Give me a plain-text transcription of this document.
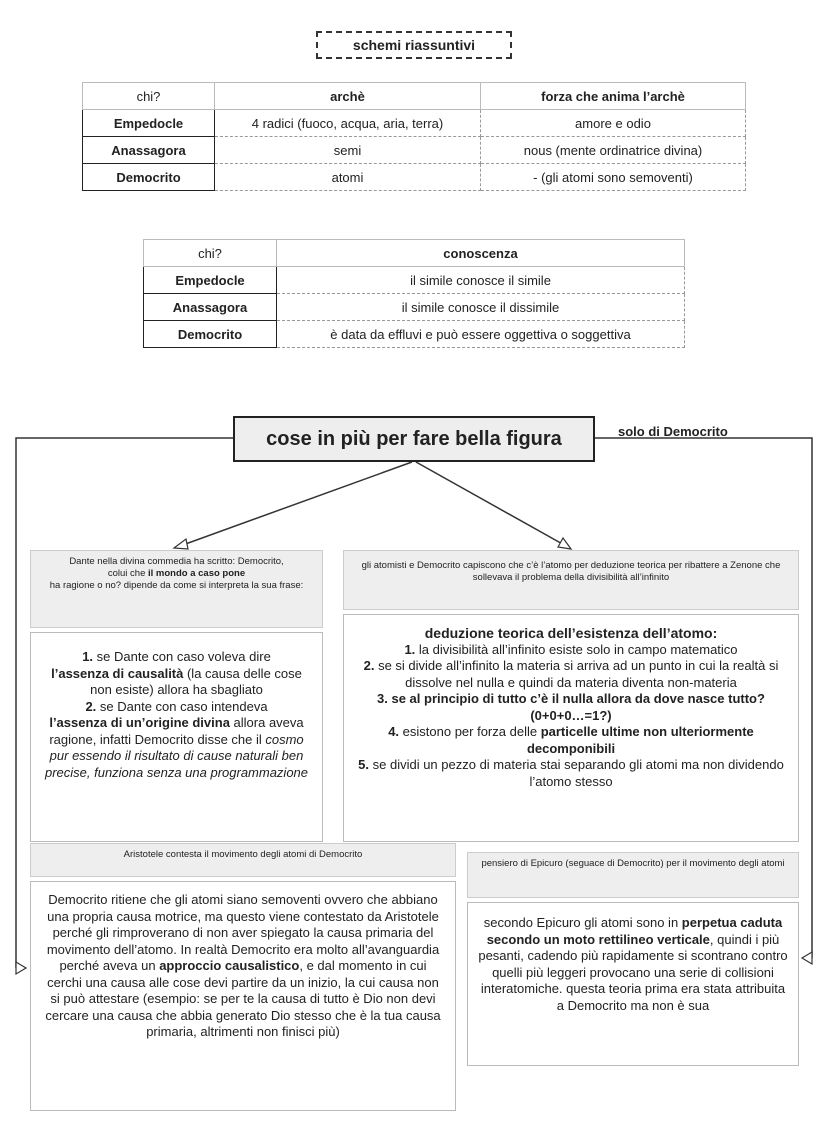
schemi riassuntivi
chi?	archè	forza che anima l’archè
Empedocle	4 radici (fuoco, acqua, aria, terra)	amore e odio
Anassagora	semi	nous (mente ordinatrice divina)
Democrito	atomi	- (gli atomi sono semoventi)
chi?	conoscenza
Empedocle	il simile conosce il simile
Anassagora	il simile conosce il dissimile
Democrito	è data da effluvi e può essere oggettiva o soggettiva
cose in più per fare bella figura	solo di Democrito
Dante nella divina commedia ha scritto: Democrito,
colui che il mondo a caso pone
ha ragione o no? dipende da come si interpreta la sua frase:
1. se Dante con caso voleva dire
l’assenza di causalità (la causa delle cose non esiste) allora ha sbagliato
2. se Dante con caso intendeva
l’assenza di un’origine divina allora aveva ragione, infatti Democrito disse che il cosmo pur essendo il risultato di cause naturali ben precise, funziona senza una programmazione
gli atomisti e Democrito capiscono che c’è l’atomo per deduzione teorica per ribattere a Zenone che sollevava il problema della divisibilità all’infinito
deduzione teorica dell’esistenza dell’atomo:
1. la divisibilità all’infinito esiste solo in campo matematico
2. se si divide all’infinito la materia si arriva ad un punto in cui la realtà si dissolve nel nulla e quindi da materia diventa non-materia
3. se al principio di tutto c’è il nulla allora da dove nasce tutto? (0+0+0…=1?)
4. esistono per forza delle particelle ultime non ulteriormente decomponibili
5. se dividi un pezzo di materia stai separando gli atomi ma non dividendo l’atomo stesso
Aristotele contesta il movimento degli atomi di Democrito
Democrito ritiene che gli atomi siano semoventi ovvero che abbiano una propria causa motrice, ma questo viene contestato da Aristotele perché gli rimproverano di non aver spiegato la causa primaria del movimento dell’atomo. In realtà Democrito era molto all’avanguardia perché aveva un approccio causalistico, e dal momento in cui cerchi una causa alle cose devi partire da un inizio, la cui causa non si può attestare (esempio: se per te la causa di tutto è Dio non devi cercare una causa che abbia generato Dio stesso che è la tua causa primaria, altrimenti non finisci più)
pensiero di Epicuro (seguace di Democrito) per il movimento degli atomi
secondo Epicuro gli atomi sono in perpetua caduta secondo un moto rettilineo verticale, quindi i più pesanti, cadendo più rapidamente si scontrano contro quelli più leggeri provocano una serie di collisioni interatomiche. questa teoria prima era stata attribuita a Democrito ma non è sua
